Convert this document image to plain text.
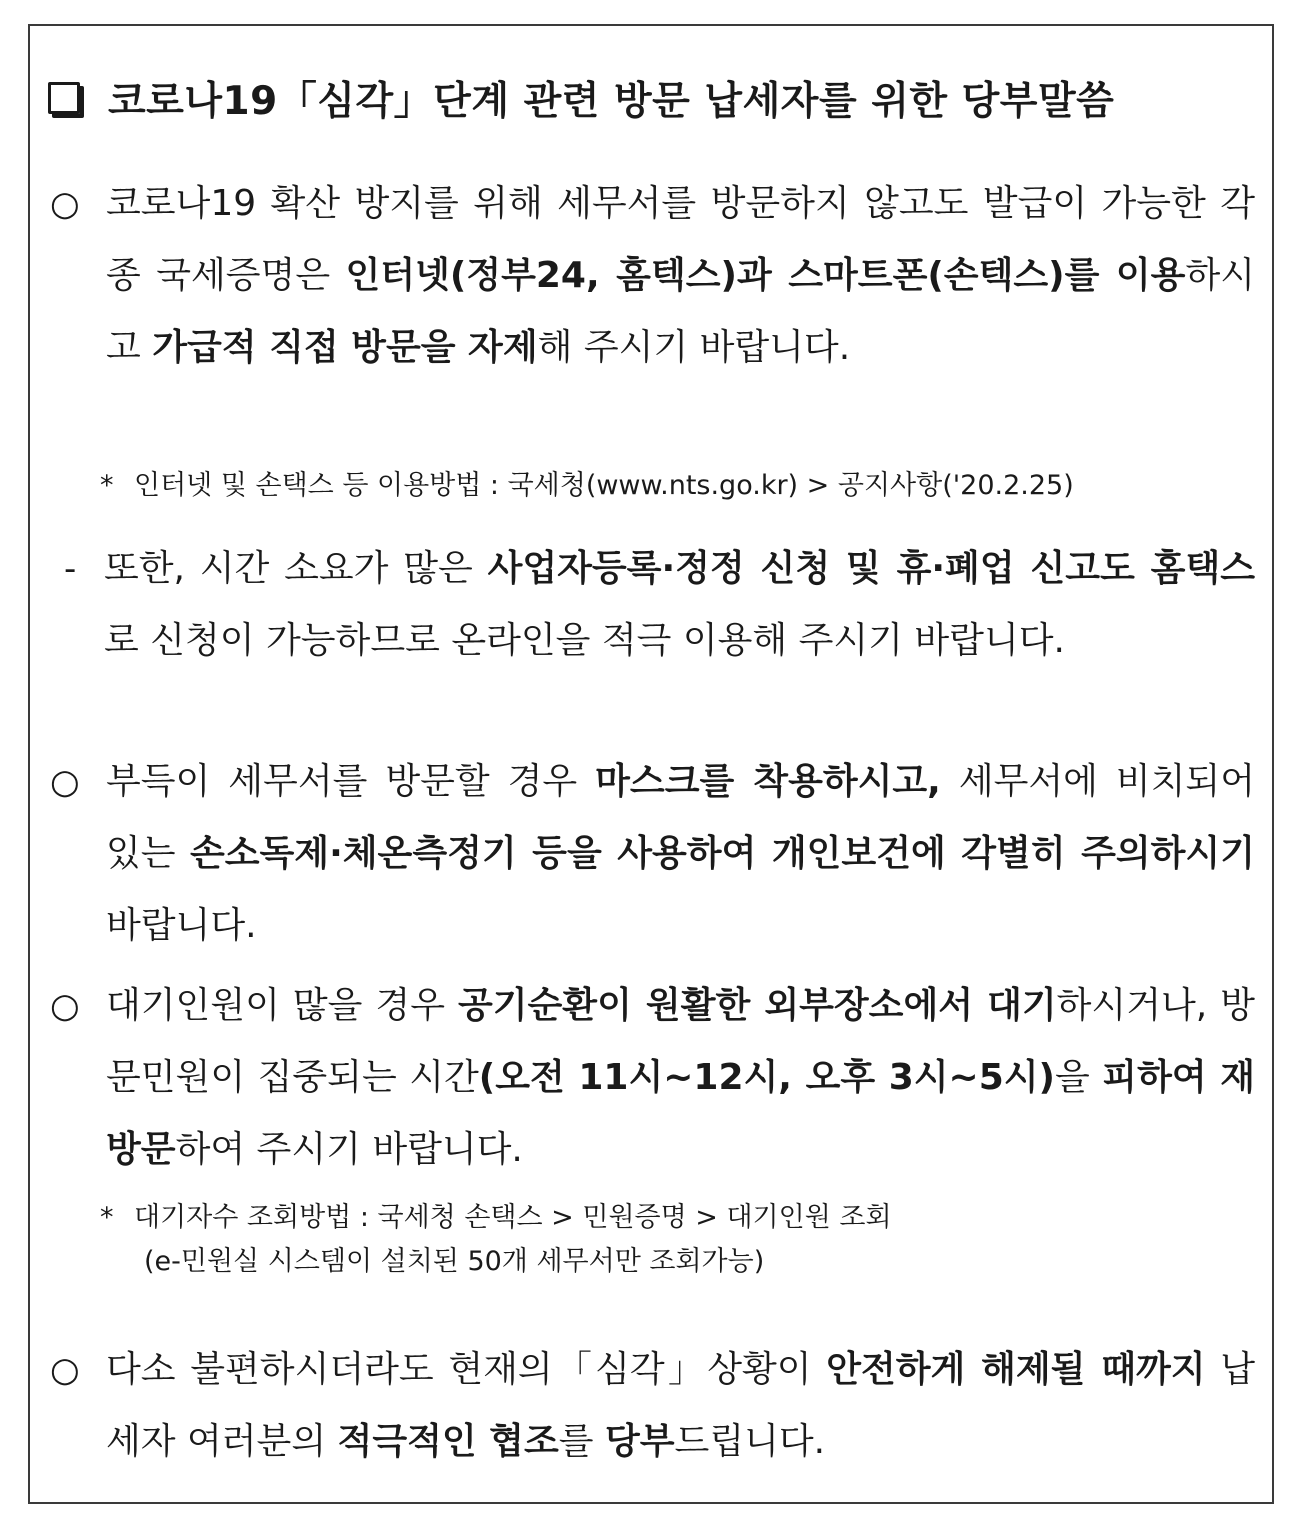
코로나19「심각」단계 관련 방문 납세자를 위한 당부말씀
○ 코로나19 확산 방지를 위해 세무서를 방문하지 않고도 발급이 가능한 각종 국세증명은 인터넷(정부24, 홈텍스)과 스마트폰(손텍스)를 이용하시고 가급적 직접 방문을 자제해 주시기 바랍니다.
* 인터넷 및 손택스 등 이용방법 : 국세청(www.nts.go.kr) > 공지사항('20.2.25)
- 또한, 시간 소요가 많은 사업자등록·정정 신청 및 휴·폐업 신고도 홈택스로 신청이 가능하므로 온라인을 적극 이용해 주시기 바랍니다.
○ 부득이 세무서를 방문할 경우 마스크를 착용하시고, 세무서에 비치되어 있는 손소독제·체온측정기 등을 사용하여 개인보건에 각별히 주의하시기 바랍니다.
○ 대기인원이 많을 경우 공기순환이 원활한 외부장소에서 대기하시거나, 방문민원이 집중되는 시간(오전 11시~12시, 오후 3시~5시)을 피하여 재방문하여 주시기 바랍니다.
* 대기자수 조회방법 : 국세청 손택스 > 민원증명 > 대기인원 조회
(e-민원실 시스템이 설치된 50개 세무서만 조회가능)
○ 다소 불편하시더라도 현재의「심각」상황이 안전하게 해제될 때까지 납세자 여러분의 적극적인 협조를 당부드립니다.
